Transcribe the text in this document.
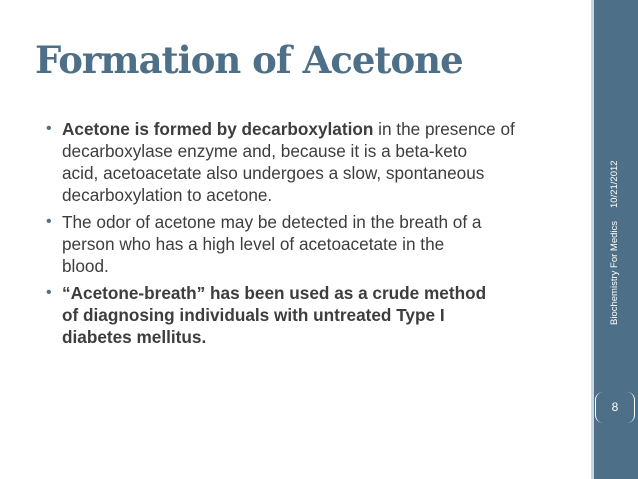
10/21/2012
Biochemistry For Medics
8
Formation of Acetone
• Acetone is formed by decarboxylation in the presence of
decarboxylase enzyme and, because it is a beta-keto
acid, acetoacetate also undergoes a slow, spontaneous
decarboxylation to acetone.
• The odor of acetone may be detected in the breath of a
person who has a high level of acetoacetate in the
blood.
• “Acetone-breath” has been used as a crude method
of diagnosing individuals with untreated Type I
diabetes mellitus.
